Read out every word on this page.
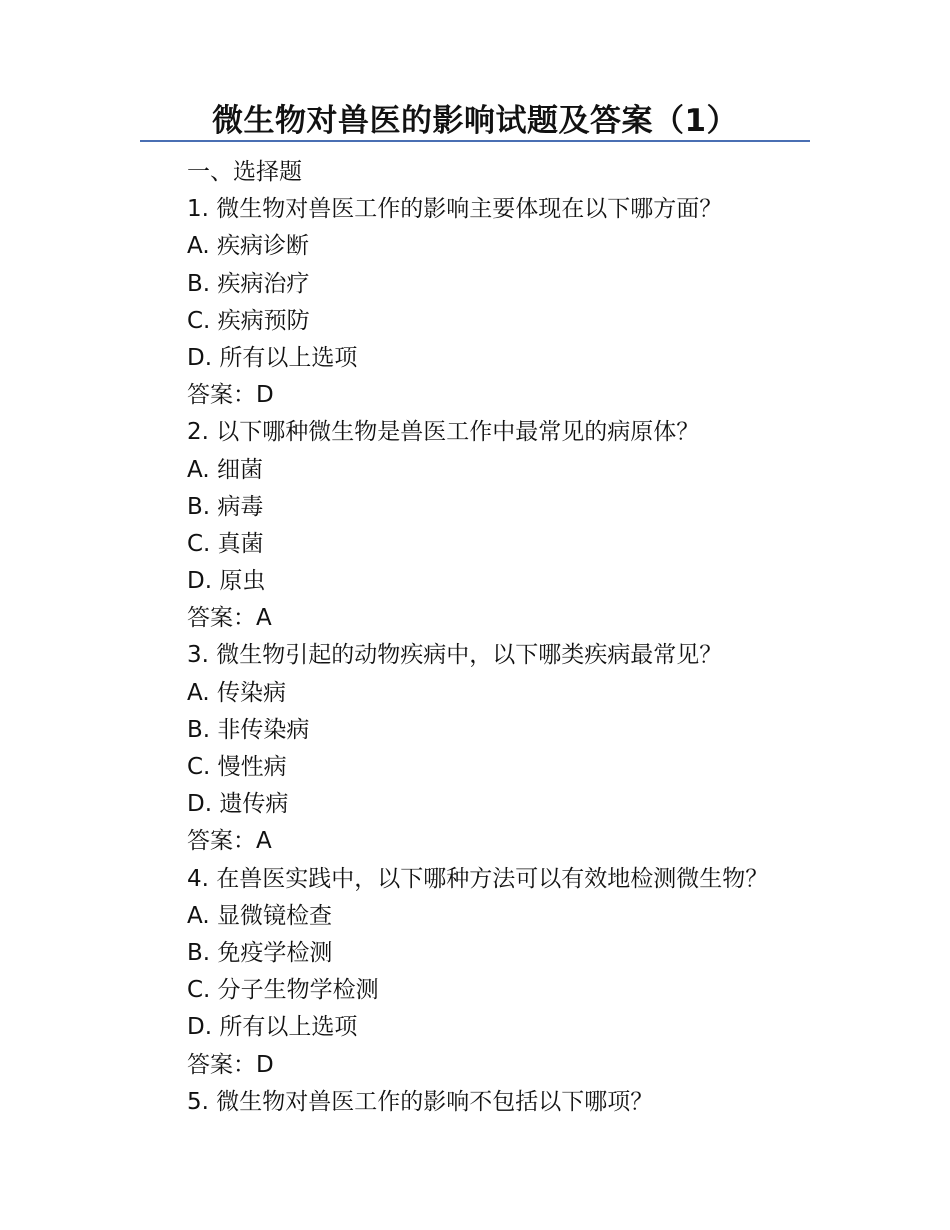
微生物对兽医的影响试题及答案（1）
一、选择题
1. 微生物对兽医工作的影响主要体现在以下哪方面？
A. 疾病诊断
B. 疾病治疗
C. 疾病预防
D. 所有以上选项
答案：D
2. 以下哪种微生物是兽医工作中最常见的病原体？
A. 细菌
B. 病毒
C. 真菌
D. 原虫
答案：A
3. 微生物引起的动物疾病中，以下哪类疾病最常见？
A. 传染病
B. 非传染病
C. 慢性病
D. 遗传病
答案：A
4. 在兽医实践中，以下哪种方法可以有效地检测微生物？
A. 显微镜检查
B. 免疫学检测
C. 分子生物学检测
D. 所有以上选项
答案：D
5. 微生物对兽医工作的影响不包括以下哪项？
